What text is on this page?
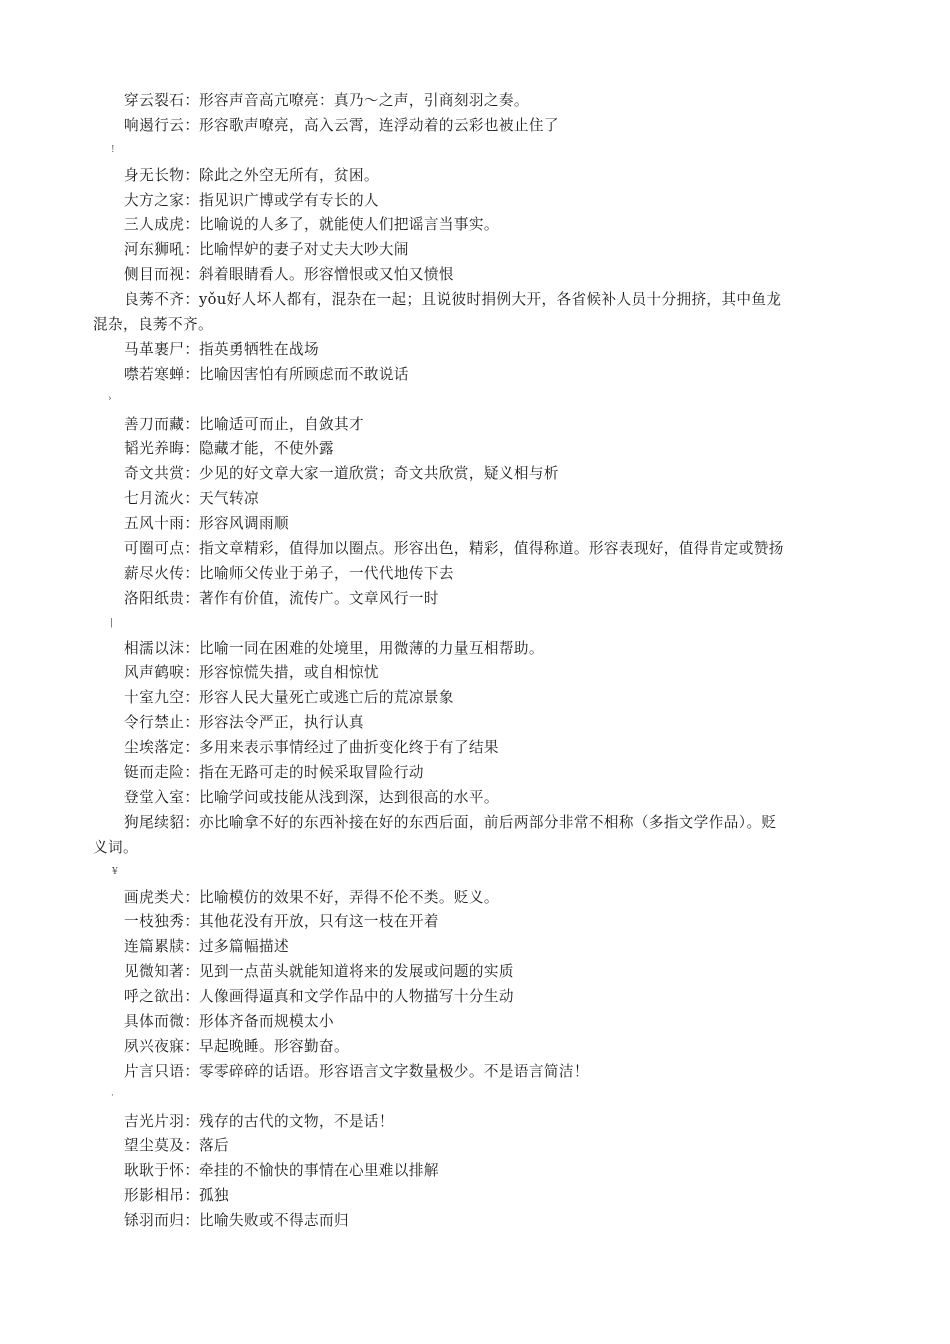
穿云裂石：形容声音高亢嘹亮：真乃～之声，引商刻羽之奏。
响遏行云：形容歌声嘹亮，高入云霄，连浮动着的云彩也被止住了
!
身无长物：除此之外空无所有，贫困。
大方之家：指见识广博或学有专长的人
三人成虎：比喻说的人多了，就能使人们把谣言当事实。
河东狮吼：比喻悍妒的妻子对丈夫大吵大闹
侧目而视：斜着眼睛看人。形容憎恨或又怕又愤恨
良莠不齐：yǒu好人坏人都有，混杂在一起；且说彼时捐例大开，各省候补人员十分拥挤，其中鱼龙
混杂，良莠不齐。
马革裹尸：指英勇牺牲在战场
噤若寒蝉：比喻因害怕有所顾虑而不敢说话
›
善刀而藏：比喻适可而止，自敛其才
韬光养晦：隐藏才能，不使外露
奇文共赏：少见的好文章大家一道欣赏；奇文共欣赏，疑义相与析
七月流火：天气转凉
五风十雨：形容风调雨顺
可圈可点：指文章精彩，值得加以圈点。形容出色，精彩，值得称道。形容表现好，值得肯定或赞扬
薪尽火传：比喻师父传业于弟子，一代代地传下去
洛阳纸贵：著作有价值，流传广。文章风行一时
|
相濡以沫：比喻一同在困难的处境里，用微薄的力量互相帮助。
风声鹤唳：形容惊慌失措，或自相惊忧
十室九空：形容人民大量死亡或逃亡后的荒凉景象
令行禁止：形容法令严正，执行认真
尘埃落定：多用来表示事情经过了曲折变化终于有了结果
铤而走险：指在无路可走的时候采取冒险行动
登堂入室：比喻学问或技能从浅到深，达到很高的水平。
狗尾续貂：亦比喻拿不好的东西补接在好的东西后面，前后两部分非常不相称（多指文学作品）。贬
义词。
¥
画虎类犬：比喻模仿的效果不好，弄得不伦不类。贬义。
一枝独秀：其他花没有开放，只有这一枝在开着
连篇累牍：过多篇幅描述
见微知著：见到一点苗头就能知道将来的发展或问题的实质
呼之欲出：人像画得逼真和文学作品中的人物描写十分生动
具体而微：形体齐备而规模太小
夙兴夜寐：早起晚睡。形容勤奋。
片言只语：零零碎碎的话语。形容语言文字数量极少。不是语言简洁！
·
吉光片羽：残存的古代的文物，不是话！
望尘莫及：落后
耿耿于怀：牵挂的不愉快的事情在心里难以排解
形影相吊：孤独
铩羽而归：比喻失败或不得志而归
